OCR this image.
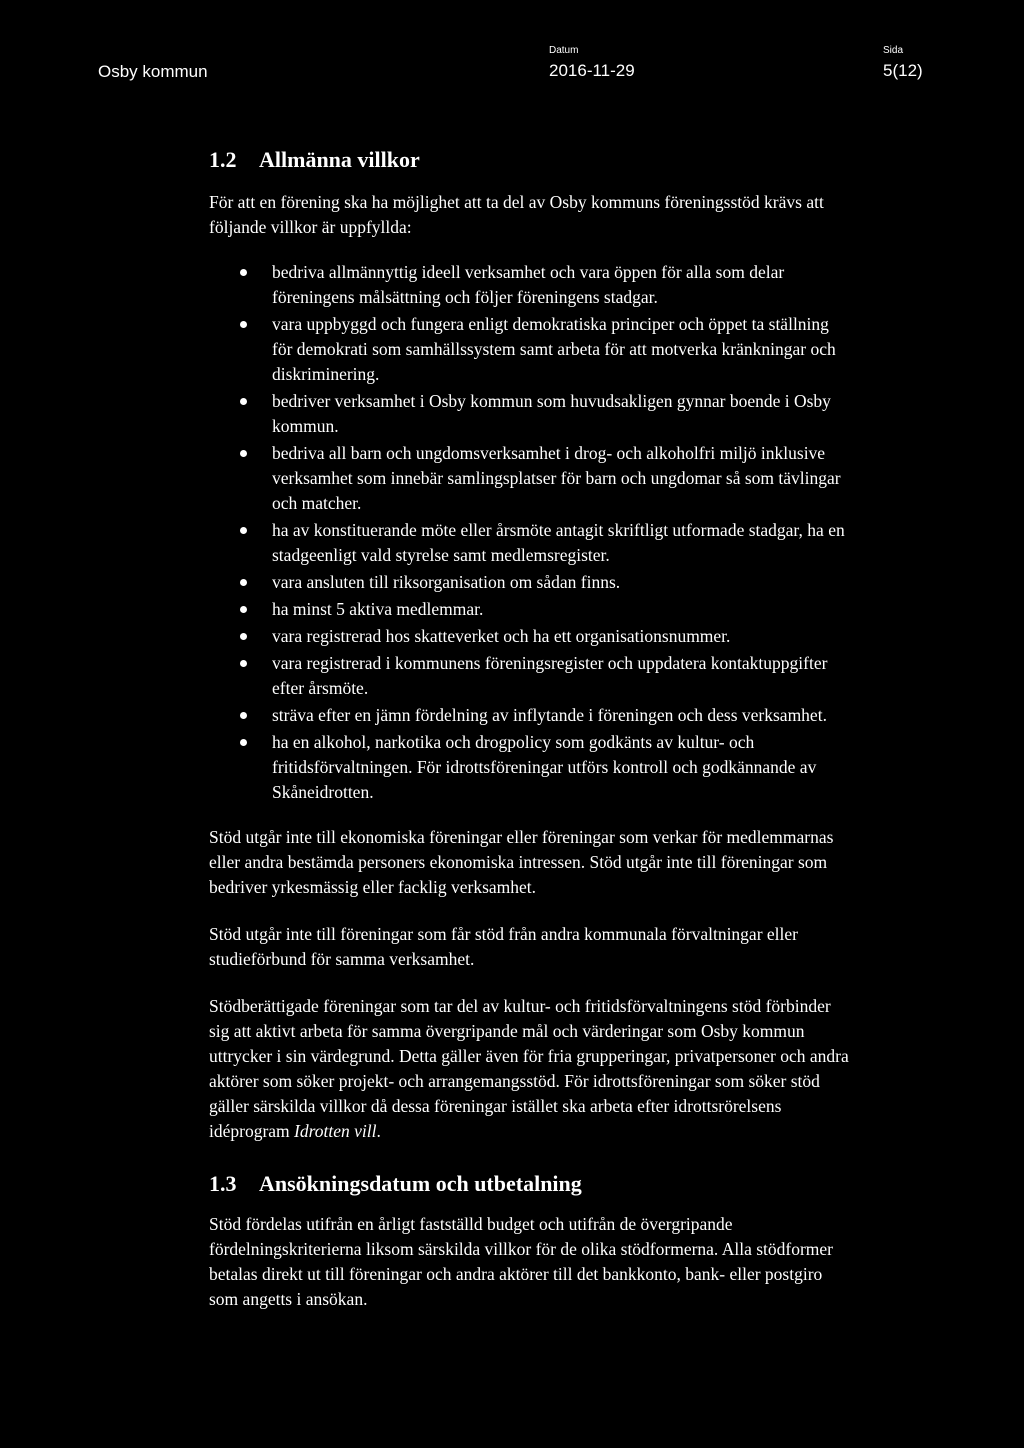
Osby kommun
Datum
2016-11-29
Sida
5(12)
1.2	Allmänna villkor

För att en förening ska ha möjlighet att ta del av Osby kommuns föreningsstöd krävs att följande villkor är uppfyllda:

bedriva allmännyttig ideell verksamhet och vara öppen för alla som delar föreningens målsättning och följer föreningens stadgar.
vara uppbyggd och fungera enligt demokratiska principer och öppet ta ställning för demokrati som samhällssystem samt arbeta för att motverka kränkningar och diskriminering.
bedriver verksamhet i Osby kommun som huvudsakligen gynnar boende i Osby kommun.
bedriva all barn och ungdomsverksamhet i drog- och alkoholfri miljö inklusive verksamhet som innebär samlingsplatser för barn och ungdomar så som tävlingar och matcher.
ha av konstituerande möte eller årsmöte antagit skriftligt utformade stadgar, ha en stadgeenligt vald styrelse samt medlemsregister.
vara ansluten till riksorganisation om sådan finns.
ha minst 5 aktiva medlemmar.
vara registrerad hos skatteverket och ha ett organisationsnummer.
vara registrerad i kommunens föreningsregister och uppdatera kontaktuppgifter efter årsmöte.
sträva efter en jämn fördelning av inflytande i föreningen och dess verksamhet.
ha en alkohol, narkotika och drogpolicy som godkänts av kultur- och fritidsförvaltningen. För idrottsföreningar utförs kontroll och godkännande av Skåneidrotten.

Stöd utgår inte till ekonomiska föreningar eller föreningar som verkar för medlemmarnas eller andra bestämda personers ekonomiska intressen. Stöd utgår inte till föreningar som bedriver yrkesmässig eller facklig verksamhet.

Stöd utgår inte till föreningar som får stöd från andra kommunala förvaltningar eller studieförbund för samma verksamhet.

Stödberättigade föreningar som tar del av kultur- och fritidsförvaltningens stöd förbinder sig att aktivt arbeta för samma övergripande mål och värderingar som Osby kommun uttrycker i sin värdegrund. Detta gäller även för fria grupperingar, privatpersoner och andra aktörer som söker projekt- och arrangemangsstöd. För idrottsföreningar som söker stöd gäller särskilda villkor då dessa föreningar istället ska arbeta efter idrottsrörelsens idéprogram Idrotten vill.

1.3	Ansökningsdatum och utbetalning

Stöd fördelas utifrån en årligt fastställd budget och utifrån de övergripande fördelningskriterierna liksom särskilda villkor för de olika stödformerna. Alla stödformer betalas direkt ut till föreningar och andra aktörer till det bankkonto, bank- eller postgiro som angetts i ansökan.
